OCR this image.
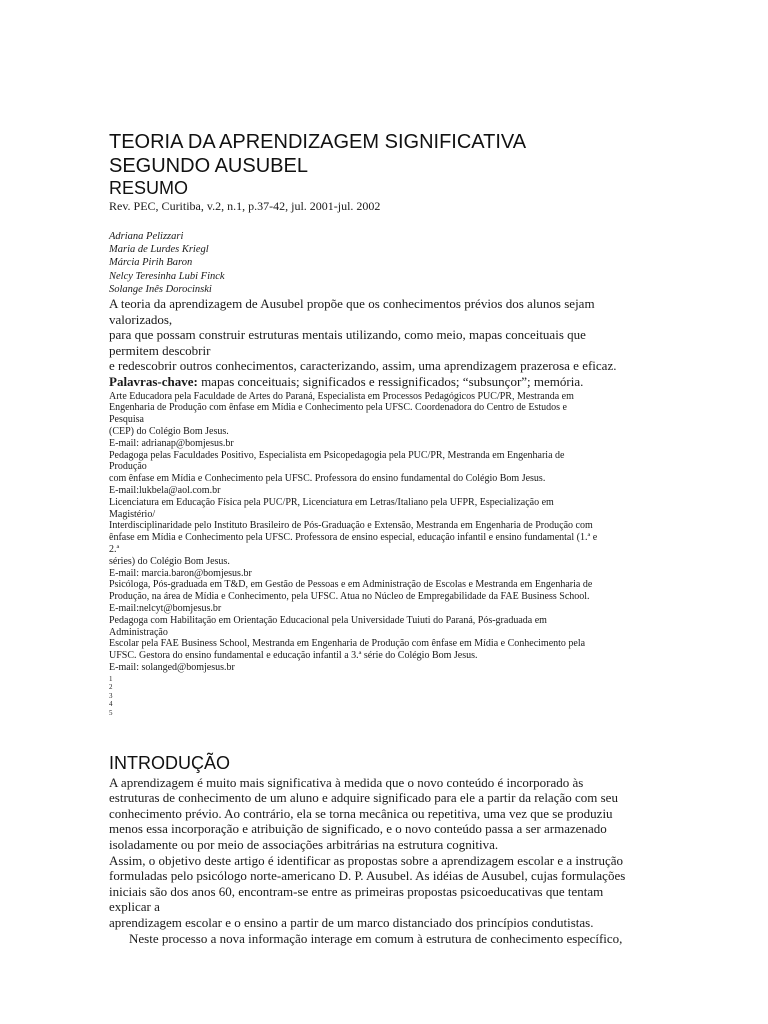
TEORIA DA APRENDIZAGEM SIGNIFICATIVA
SEGUNDO AUSUBEL
RESUMO
Rev. PEC, Curitiba, v.2, n.1, p.37-42, jul. 2001-jul. 2002
Adriana Pelizzari
Maria de Lurdes Kriegl
Márcia Pirih Baron
Nelcy Teresinha Lubi Finck
Solange Inês Dorocinski
A teoria da aprendizagem de Ausubel propõe que os conhecimentos prévios dos alunos sejam
valorizados,
para que possam construir estruturas mentais utilizando, como meio, mapas conceituais que
permitem descobrir
e redescobrir outros conhecimentos, caracterizando, assim, uma aprendizagem prazerosa e eficaz.
Palavras-chave: mapas conceituais; significados e ressignificados; “subsunçor”; memória.
Arte Educadora pela Faculdade de Artes do Paraná, Especialista em Processos Pedagógicos PUC/PR, Mestranda em
Engenharia de Produção com ênfase em Mídia e Conhecimento pela UFSC. Coordenadora do Centro de Estudos e
Pesquisa
(CEP) do Colégio Bom Jesus.
E-mail: adrianap@bomjesus.br
Pedagoga pelas Faculdades Positivo, Especialista em Psicopedagogia pela PUC/PR, Mestranda em Engenharia de
Produção
com ênfase em Mídia e Conhecimento pela UFSC. Professora do ensino fundamental do Colégio Bom Jesus.
E-mail:lukbela@aol.com.br
Licenciatura em Educação Física pela PUC/PR, Licenciatura em Letras/Italiano pela UFPR, Especialização em
Magistério/
Interdisciplinaridade pelo Instituto Brasileiro de Pós-Graduação e Extensão, Mestranda em Engenharia de Produção com
ênfase em Mídia e Conhecimento pela UFSC. Professora de ensino especial, educação infantil e ensino fundamental (1.ª e
2.ª
séries) do Colégio Bom Jesus.
E-mail: marcia.baron@bomjesus.br
Psicóloga, Pós-graduada em T&D, em Gestão de Pessoas e em Administração de Escolas e Mestranda em Engenharia de
Produção, na área de Mídia e Conhecimento, pela UFSC. Atua no Núcleo de Empregabilidade da FAE Business School.
E-mail:nelcyt@bomjesus.br
Pedagoga com Habilitação em Orientação Educacional pela Universidade Tuiuti do Paraná, Pós-graduada em
Administração
Escolar pela FAE Business School, Mestranda em Engenharia de Produção com ênfase em Mídia e Conhecimento pela
UFSC. Gestora do ensino fundamental e educação infantil a 3.ª série do Colégio Bom Jesus.
E-mail: solanged@bomjesus.br
1
2
3
4
5
INTRODUÇÃO
A aprendizagem é muito mais significativa à medida que o novo conteúdo é incorporado às
estruturas de conhecimento de um aluno e adquire significado para ele a partir da relação com seu
conhecimento prévio. Ao contrário, ela se torna mecânica ou repetitiva, uma vez que se produziu
menos essa incorporação e atribuição de significado, e o novo conteúdo passa a ser armazenado
isoladamente ou por meio de associações arbitrárias na estrutura cognitiva.
Assim, o objetivo deste artigo é identificar as propostas sobre a aprendizagem escolar e a instrução
formuladas pelo psicólogo norte-americano D. P. Ausubel. As idéias de Ausubel, cujas formulações
iniciais são dos anos 60, encontram-se entre as primeiras propostas psicoeducativas que tentam
explicar a
aprendizagem escolar e o ensino a partir de um marco distanciado dos princípios condutistas.
Neste processo a nova informação interage em comum à estrutura de conhecimento específico,
